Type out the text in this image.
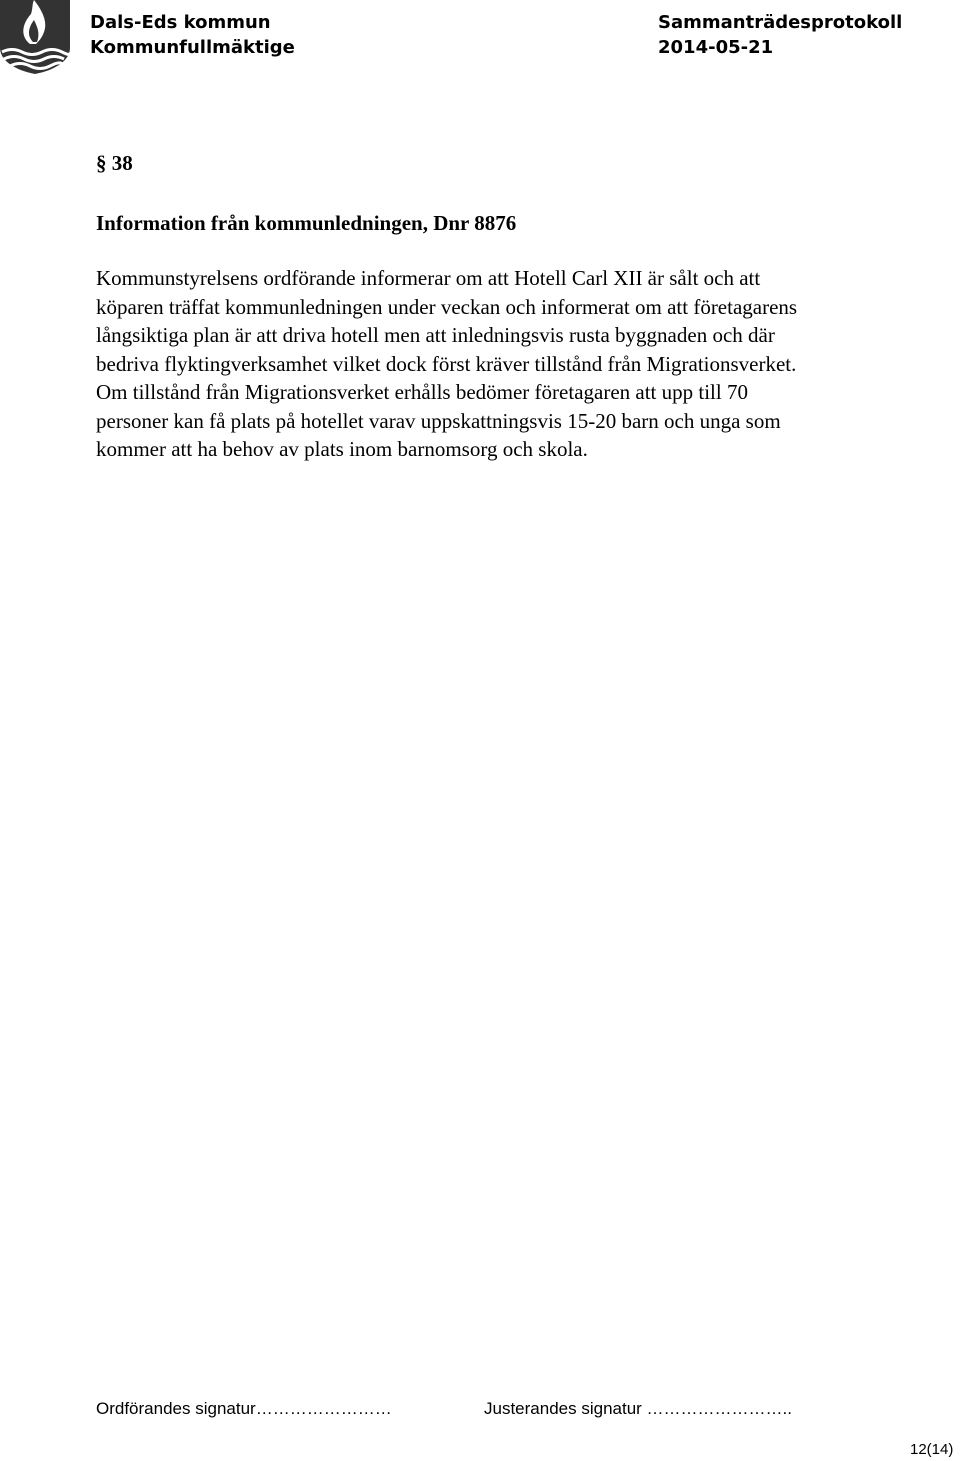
Dals-Eds kommun
Kommunfullmäktige
Sammanträdesprotokoll
2014-05-21
§ 38
Information från kommunledningen, Dnr 8876
Kommunstyrelsens ordförande informerar om att Hotell Carl XII är sålt och att
köparen träffat kommunledningen under veckan och informerat om att företagarens
långsiktiga plan är att driva hotell men att inledningsvis rusta byggnaden och där
bedriva flyktingverksamhet vilket dock först kräver tillstånd från Migrationsverket.
Om tillstånd från Migrationsverket erhålls bedömer företagaren att upp till 70
personer kan få plats på hotellet varav uppskattningsvis 15-20 barn och unga som
kommer att ha behov av plats inom barnomsorg och skola.
Ordförandes signatur……………………	Justerandes signatur ……………………..
12(14)
